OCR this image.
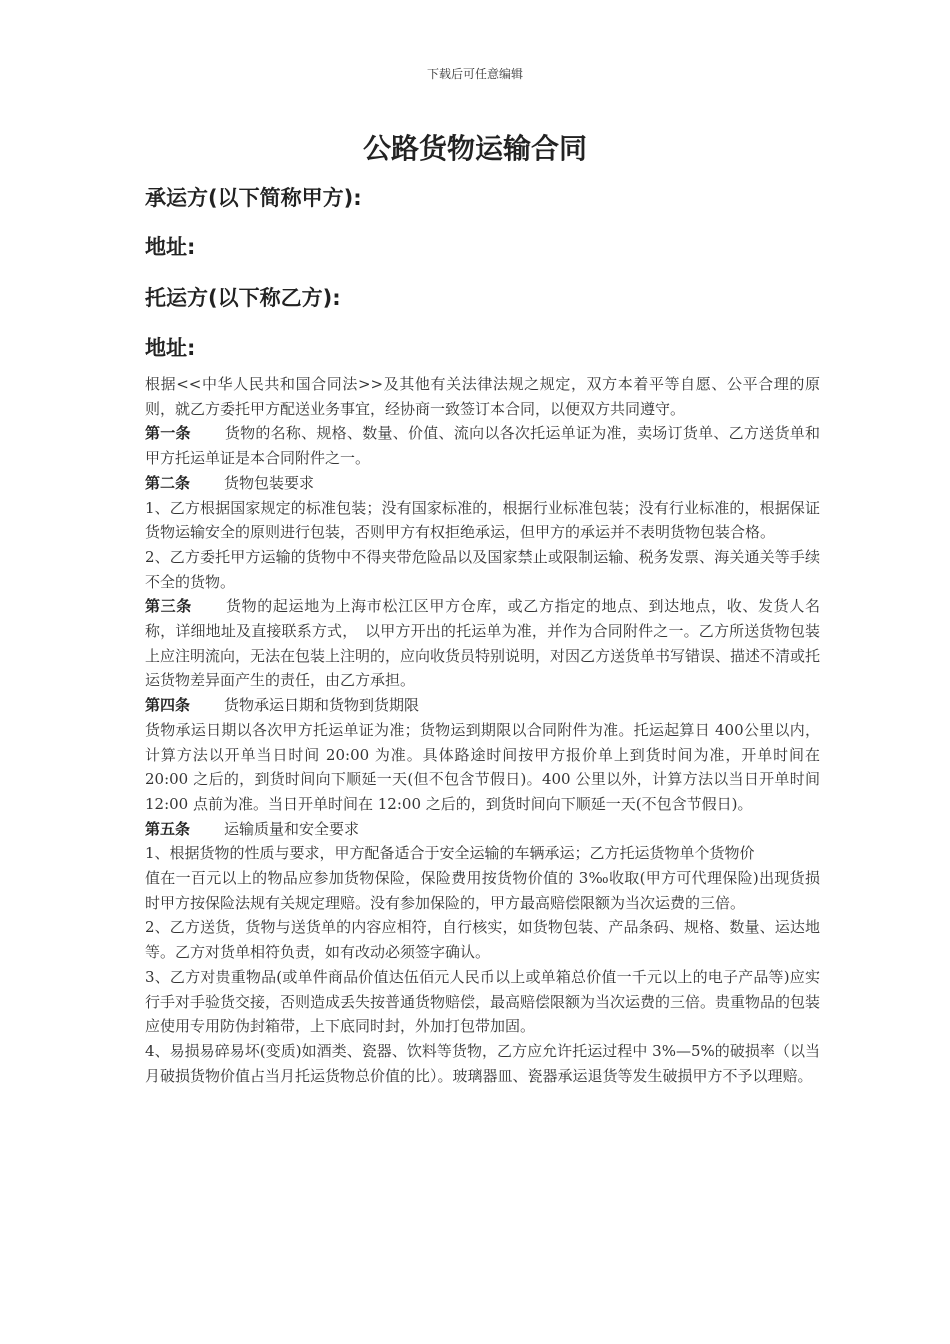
下载后可任意编辑
公路货物运输合同
承运方(以下简称甲方):
地址:
托运方(以下称乙方):
地址:

根据<<中华人民共和国合同法>>及其他有关法律法规之规定，双方本着平等自愿、公平合理的原则，就乙方委托甲方配送业务事宜，经协商一致签订本合同，以便双方共同遵守。

第一条 货物的名称、规格、数量、价值、流向以各次托运单证为准，卖场订货单、乙方送货单和甲方托运单证是本合同附件之一。

第二条 货物包装要求

1、乙方根据国家规定的标准包装；没有国家标准的，根据行业标准包装；没有行业标准的，根据保证货物运输安全的原则进行包装，否则甲方有权拒绝承运，但甲方的承运并不表明货物包装合格。

2、乙方委托甲方运输的货物中不得夹带危险品以及国家禁止或限制运输、税务发票、海关通关等手续不全的货物。

第三条 货物的起运地为上海市松江区甲方仓库，或乙方指定的地点、到达地点，收、发货人名称，详细地址及直接联系方式，　以甲方开出的托运单为准，并作为合同附件之一。乙方所送货物包装上应注明流向，无法在包装上注明的，应向收货员特别说明，对因乙方送货单书写错误、描述不清或托运货物差异面产生的责任，由乙方承担。

第四条 货物承运日期和货物到货期限

货物承运日期以各次甲方托运单证为准；货物运到期限以合同附件为准。托运起算日 400公里以内，计算方法以开单当日时间 20:00 为准。具体路途时间按甲方报价单上到货时间为准，开单时间在 20:00 之后的，到货时间向下顺延一天(但不包含节假日)。400 公里以外，计算方法以当日开单时间 12:00 点前为准。当日开单时间在 12:00 之后的，到货时间向下顺延一天(不包含节假日)。

第五条 运输质量和安全要求

1、根据货物的性质与要求，甲方配备适合于安全运输的车辆承运；乙方托运货物单个货物价

值在一百元以上的物品应参加货物保险，保险费用按货物价值的 3‰收取(甲方可代理保险)出现货损时甲方按保险法规有关规定理赔。没有参加保险的，甲方最高赔偿限额为当次运费的三倍。

2、乙方送货，货物与送货单的内容应相符，自行核实，如货物包装、产品条码、规格、数量、运达地等。乙方对货单相符负责，如有改动必须签字确认。

3、乙方对贵重物品(或单件商品价值达伍佰元人民币以上或单箱总价值一千元以上的电子产品等)应实行手对手验货交接，否则造成丢失按普通货物赔偿，最高赔偿限额为当次运费的三倍。贵重物品的包装应使用专用防伪封箱带，上下底同时封，外加打包带加固。

4、易损易碎易坏(变质)如酒类、瓷器、饮料等货物，乙方应允许托运过程中 3%—5%的破损率（以当月破损货物价值占当月托运货物总价值的比）。玻璃器皿、瓷器承运退货等发生破损甲方不予以理赔。
